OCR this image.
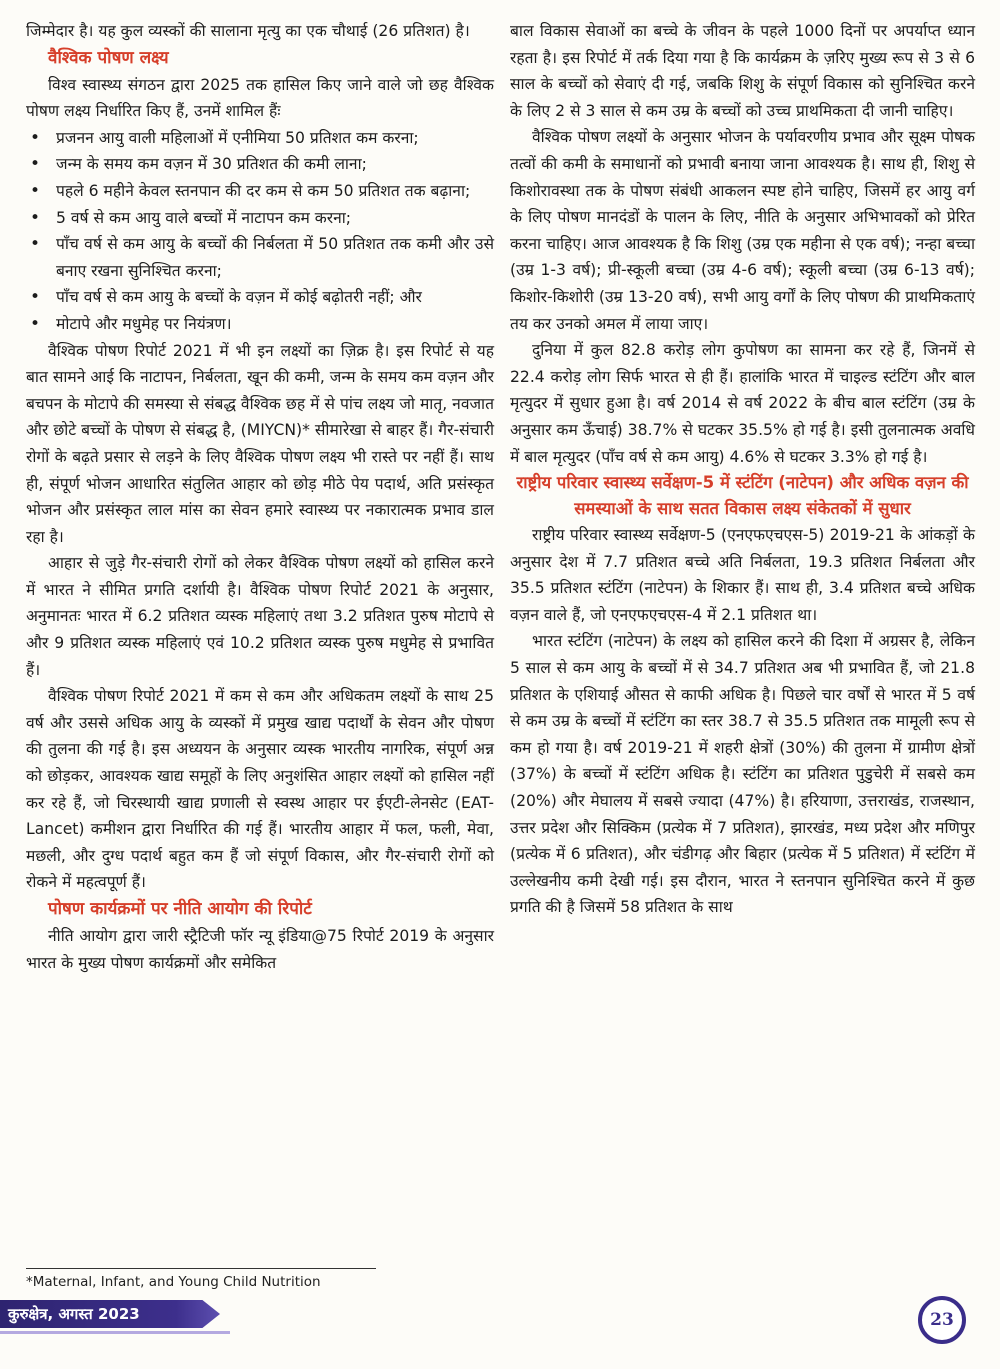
जिम्मेदार है। यह कुल व्यस्कों की सालाना मृत्यु का एक चौथाई (26 प्रतिशत) है।

वैश्विक पोषण लक्ष्य

विश्व स्वास्थ्य संगठन द्वारा 2025 तक हासिल किए जाने वाले जो छह वैश्विक पोषण लक्ष्य निर्धारित किए हैं, उनमें शामिल हैंः

• प्रजनन आयु वाली महिलाओं में एनीमिया 50 प्रतिशत कम करना;
• जन्म के समय कम वज़न में 30 प्रतिशत की कमी लाना;
• पहले 6 महीने केवल स्तनपान की दर कम से कम 50 प्रतिशत तक बढ़ाना;
• 5 वर्ष से कम आयु वाले बच्चों में नाटापन कम करना;
• पाँच वर्ष से कम आयु के बच्चों की निर्बलता में 50 प्रतिशत तक कमी और उसे बनाए रखना सुनिश्चित करना;
• पाँच वर्ष से कम आयु के बच्चों के वज़न में कोई बढ़ोतरी नहीं; और
• मोटापे और मधुमेह पर नियंत्रण।

वैश्विक पोषण रिपोर्ट 2021 में भी इन लक्ष्यों का ज़िक्र है। इस रिपोर्ट से यह बात सामने आई कि नाटापन, निर्बलता, खून की कमी, जन्म के समय कम वज़न और बचपन के मोटापे की समस्या से संबद्ध वैश्विक छह में से पांच लक्ष्य जो मातृ, नवजात और छोटे बच्चों के पोषण से संबद्ध है, (MIYCN)* सीमारेखा से बाहर हैं। गैर-संचारी रोगों के बढ़ते प्रसार से लड़ने के लिए वैश्विक पोषण लक्ष्य भी रास्ते पर नहीं हैं। साथ ही, संपूर्ण भोजन आधारित संतुलित आहार को छोड़ मीठे पेय पदार्थ, अति प्रसंस्कृत भोजन और प्रसंस्कृत लाल मांस का सेवन हमारे स्वास्थ्य पर नकारात्मक प्रभाव डाल रहा है।

आहार से जुड़े गैर-संचारी रोगों को लेकर वैश्विक पोषण लक्ष्यों को हासिल करने में भारत ने सीमित प्रगति दर्शायी है। वैश्विक पोषण रिपोर्ट 2021 के अनुसार, अनुमानतः भारत में 6.2 प्रतिशत व्यस्क महिलाएं तथा 3.2 प्रतिशत पुरुष मोटापे से और 9 प्रतिशत व्यस्क महिलाएं एवं 10.2 प्रतिशत व्यस्क पुरुष मधुमेह से प्रभावित हैं।

वैश्विक पोषण रिपोर्ट 2021 में कम से कम और अधिकतम लक्ष्यों के साथ 25 वर्ष और उससे अधिक आयु के व्यस्कों में प्रमुख खाद्य पदार्थों के सेवन और पोषण की तुलना की गई है। इस अध्ययन के अनुसार व्यस्क भारतीय नागरिक, संपूर्ण अन्न को छोड़कर, आवश्यक खाद्य समूहों के लिए अनुशंसित आहार लक्ष्यों को हासिल नहीं कर रहे हैं, जो चिरस्थायी खाद्य प्रणाली से स्वस्थ आहार पर ईएटी-लेनसेट (EAT-Lancet) कमीशन द्वारा निर्धारित की गई हैं। भारतीय आहार में फल, फली, मेवा, मछली, और दुग्ध पदार्थ बहुत कम हैं जो संपूर्ण विकास, और गैर-संचारी रोगों को रोकने में महत्वपूर्ण हैं।

पोषण कार्यक्रमों पर नीति आयोग की रिपोर्ट

नीति आयोग द्वारा जारी स्ट्रैटिजी फॉर न्यू इंडिया@75 रिपोर्ट 2019 के अनुसार भारत के मुख्य पोषण कार्यक्रमों और समेकित

बाल विकास सेवाओं का बच्चे के जीवन के पहले 1000 दिनों पर अपर्याप्त ध्यान रहता है। इस रिपोर्ट में तर्क दिया गया है कि कार्यक्रम के ज़रिए मुख्य रूप से 3 से 6 साल के बच्चों को सेवाएं दी गई, जबकि शिशु के संपूर्ण विकास को सुनिश्चित करने के लिए 2 से 3 साल से कम उम्र के बच्चों को उच्च प्राथमिकता दी जानी चाहिए।

वैश्विक पोषण लक्ष्यों के अनुसार भोजन के पर्यावरणीय प्रभाव और सूक्ष्म पोषक तत्वों की कमी के समाधानों को प्रभावी बनाया जाना आवश्यक है। साथ ही, शिशु से किशोरावस्था तक के पोषण संबंधी आकलन स्पष्ट होने चाहिए, जिसमें हर आयु वर्ग के लिए पोषण मानदंडों के पालन के लिए, नीति के अनुसार अभिभावकों को प्रेरित करना चाहिए। आज आवश्यक है कि शिशु (उम्र एक महीना से एक वर्ष); नन्हा बच्चा (उम्र 1-3 वर्ष); प्री-स्कूली बच्चा (उम्र 4-6 वर्ष); स्कूली बच्चा (उम्र 6-13 वर्ष); किशोर-किशोरी (उम्र 13-20 वर्ष), सभी आयु वर्गों के लिए पोषण की प्राथमिकताएं तय कर उनको अमल में लाया जाए।

दुनिया में कुल 82.8 करोड़ लोग कुपोषण का सामना कर रहे हैं, जिनमें से 22.4 करोड़ लोग सिर्फ भारत से ही हैं। हालांकि भारत में चाइल्ड स्टंटिंग और बाल मृत्युदर में सुधार हुआ है। वर्ष 2014 से वर्ष 2022 के बीच बाल स्टंटिंग (उम्र के अनुसार कम ऊँचाई) 38.7% से घटकर 35.5% हो गई है। इसी तुलनात्मक अवधि में बाल मृत्युदर (पाँच वर्ष से कम आयु) 4.6% से घटकर 3.3% हो गई है।

राष्ट्रीय परिवार स्वास्थ्य सर्वेक्षण-5 में स्टंटिंग (नाटेपन) और अधिक वज़न की समस्याओं के साथ सतत विकास लक्ष्य संकेतकों में सुधार

राष्ट्रीय परिवार स्वास्थ्य सर्वेक्षण-5 (एनएफएचएस-5) 2019-21 के आंकड़ों के अनुसार देश में 7.7 प्रतिशत बच्चे अति निर्बलता, 19.3 प्रतिशत निर्बलता और 35.5 प्रतिशत स्टंटिंग (नाटेपन) के शिकार हैं। साथ ही, 3.4 प्रतिशत बच्चे अधिक वज़न वाले हैं, जो एनएफएचएस-4 में 2.1 प्रतिशत था।

भारत स्टंटिंग (नाटेपन) के लक्ष्य को हासिल करने की दिशा में अग्रसर है, लेकिन 5 साल से कम आयु के बच्चों में से 34.7 प्रतिशत अब भी प्रभावित हैं, जो 21.8 प्रतिशत के एशियाई औसत से काफी अधिक है। पिछले चार वर्षों से भारत में 5 वर्ष से कम उम्र के बच्चों में स्टंटिंग का स्तर 38.7 से 35.5 प्रतिशत तक मामूली रूप से कम हो गया है। वर्ष 2019-21 में शहरी क्षेत्रों (30%) की तुलना में ग्रामीण क्षेत्रों (37%) के बच्चों में स्टंटिंग अधिक है। स्टंटिंग का प्रतिशत पुडुचेरी में सबसे कम (20%) और मेघालय में सबसे ज्यादा (47%) है। हरियाणा, उत्तराखंड, राजस्थान, उत्तर प्रदेश और सिक्किम (प्रत्येक में 7 प्रतिशत), झारखंड, मध्य प्रदेश और मणिपुर (प्रत्येक में 6 प्रतिशत), और चंडीगढ़ और बिहार (प्रत्येक में 5 प्रतिशत) में स्टंटिंग में उल्लेखनीय कमी देखी गई। इस दौरान, भारत ने स्तनपान सुनिश्चित करने में कुछ प्रगति की है जिसमें 58 प्रतिशत के साथ

*Maternal, Infant, and Young Child Nutrition
कुरुक्षेत्र, अगस्त 2023	23
